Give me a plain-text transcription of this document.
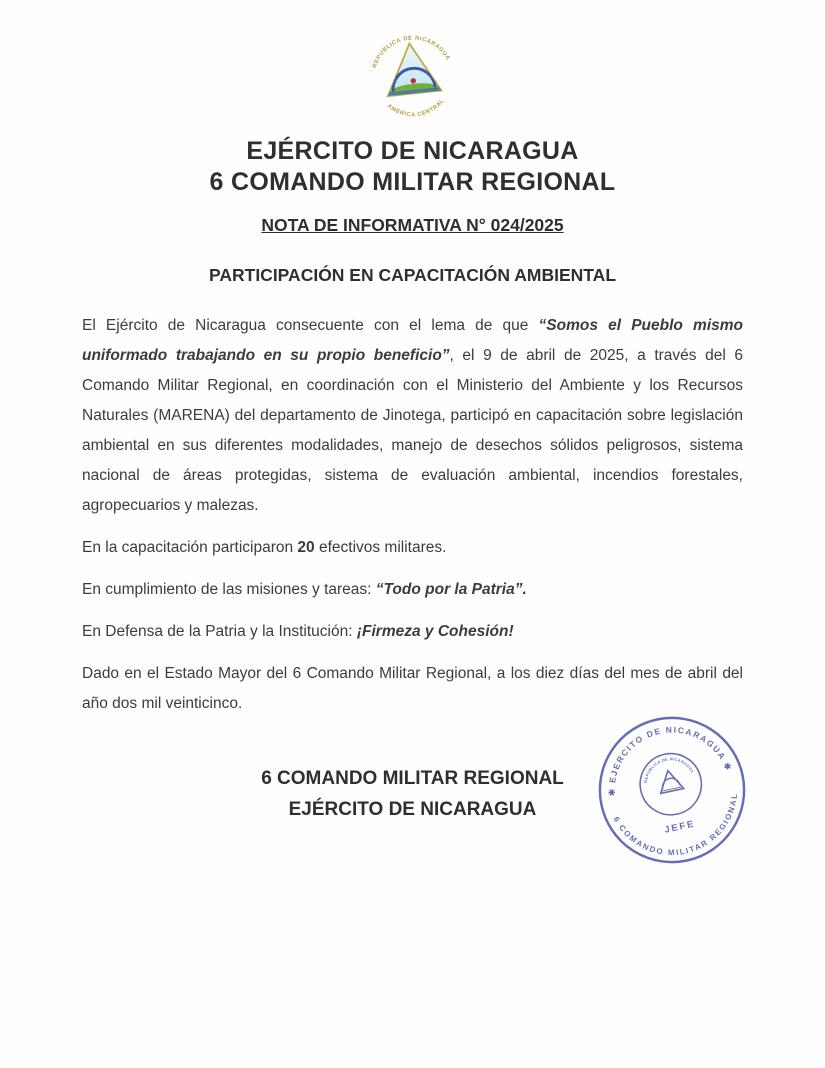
REPUBLICA DE NICARAGUA
AMERICA CENTRAL
EJÉRCITO DE NICARAGUA
6 COMANDO MILITAR REGIONAL
NOTA DE INFORMATIVA N° 024/2025
PARTICIPACIÓN EN CAPACITACIÓN AMBIENTAL

El Ejército de Nicaragua consecuente con el lema de que “Somos el Pueblo mismo uniformado trabajando en su propio beneficio”, el 9 de abril de 2025, a través del 6 Comando Militar Regional, en coordinación con el Ministerio del Ambiente y los Recursos Naturales (MARENA) del departamento de Jinotega, participó en capacitación sobre legislación ambiental en sus diferentes modalidades, manejo de desechos sólidos peligrosos, sistema nacional de áreas protegidas, sistema de evaluación ambiental, incendios forestales, agropecuarios y malezas.

En la capacitación participaron 20 efectivos militares.

En cumplimiento de las misiones y tareas: “Todo por la Patria”.

En Defensa de la Patria y la Institución: ¡Firmeza y Cohesión!

Dado en el Estado Mayor del 6 Comando Militar Regional, a los diez días del mes de abril del año dos mil veinticinco.

6 COMANDO MILITAR REGIONAL
EJÉRCITO DE NICARAGUA
✱ EJERCITO DE NICARAGUA ✱
6 COMANDO MILITAR REGIONAL
REPUBLICA DE NICARAGUA
JEFE
